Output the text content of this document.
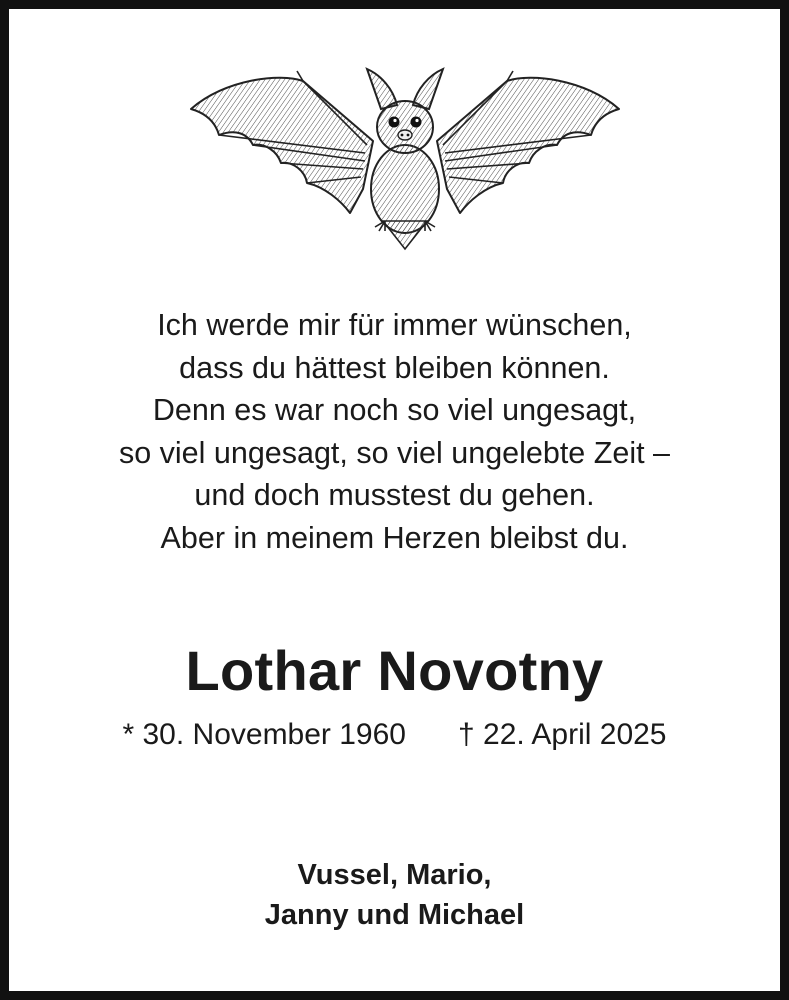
Ich werde mir für immer wünschen,
dass du hättest bleiben können.
Denn es war noch so viel ungesagt,
so viel ungesagt, so viel ungelebte Zeit –
und doch musstest du gehen.
Aber in meinem Herzen bleibst du.
Lothar Novotny
* 30. November 1960 † 22. April 2025
Vussel, Mario,
Janny und Michael
